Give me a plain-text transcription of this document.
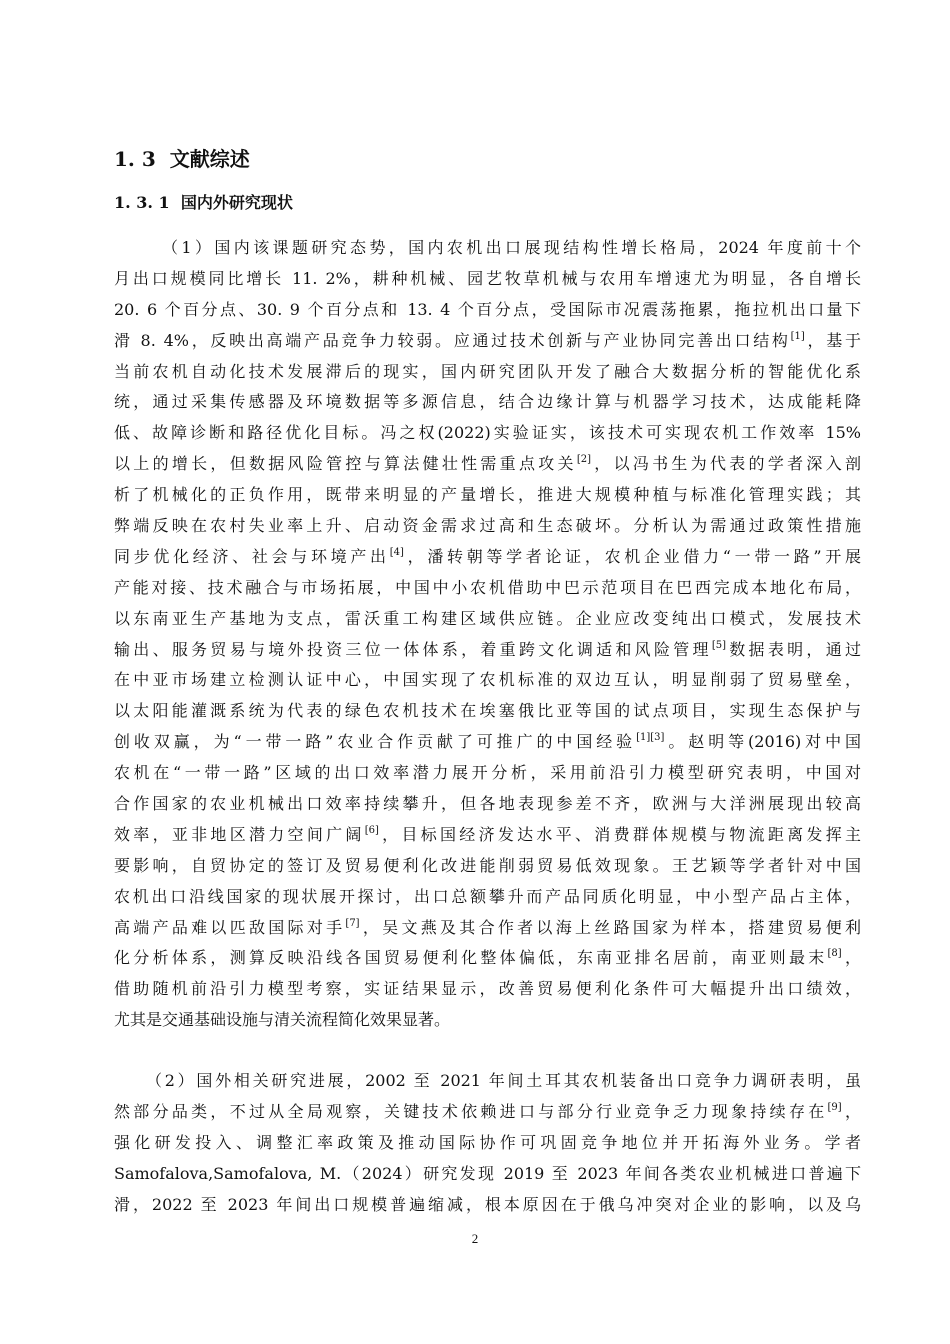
1. 3 文献综述
1. 3. 1 国内外研究现状
（1）国内该课题研究态势，国内农机出口展现结构性增长格局，2024 年度前十个
月出口规模同比增长 11. 2%，耕种机械、园艺牧草机械与农用车增速尤为明显，各自增长
20. 6 个百分点、30. 9 个百分点和 13. 4 个百分点，受国际市况震荡拖累，拖拉机出口量下
滑 8. 4%，反映出高端产品竞争力较弱。应通过技术创新与产业协同完善出口结构[1]，基于
当前农机自动化技术发展滞后的现实，国内研究团队开发了融合大数据分析的智能优化系
统，通过采集传感器及环境数据等多源信息，结合边缘计算与机器学习技术，达成能耗降
低、故障诊断和路径优化目标。冯之权(2022)实验证实，该技术可实现农机工作效率 15%
以上的增长，但数据风险管控与算法健壮性需重点攻关[2]，以冯书生为代表的学者深入剖
析了机械化的正负作用，既带来明显的产量增长，推进大规模种植与标准化管理实践；其
弊端反映在农村失业率上升、启动资金需求过高和生态破坏。分析认为需通过政策性措施
同步优化经济、社会与环境产出[4]，潘转朝等学者论证，农机企业借力“一带一路”开展
产能对接、技术融合与市场拓展，中国中小农机借助中巴示范项目在巴西完成本地化布局，
以东南亚生产基地为支点，雷沃重工构建区域供应链。企业应改变纯出口模式，发展技术
输出、服务贸易与境外投资三位一体体系，着重跨文化调适和风险管理[5]数据表明，通过
在中亚市场建立检测认证中心，中国实现了农机标准的双边互认，明显削弱了贸易壁垒，
以太阳能灌溉系统为代表的绿色农机技术在埃塞俄比亚等国的试点项目，实现生态保护与
创收双赢，为“一带一路”农业合作贡献了可推广的中国经验[1][3]。赵明等(2016)对中国
农机在“一带一路”区域的出口效率潜力展开分析，采用前沿引力模型研究表明，中国对
合作国家的农业机械出口效率持续攀升，但各地表现参差不齐，欧洲与大洋洲展现出较高
效率，亚非地区潜力空间广阔[6]，目标国经济发达水平、消费群体规模与物流距离发挥主
要影响，自贸协定的签订及贸易便利化改进能削弱贸易低效现象。王艺颖等学者针对中国
农机出口沿线国家的现状展开探讨，出口总额攀升而产品同质化明显，中小型产品占主体，
高端产品难以匹敌国际对手[7]，吴文燕及其合作者以海上丝路国家为样本，搭建贸易便利
化分析体系，测算反映沿线各国贸易便利化整体偏低，东南亚排名居前，南亚则最末[8]，
借助随机前沿引力模型考察，实证结果显示，改善贸易便利化条件可大幅提升出口绩效，
尤其是交通基础设施与清关流程简化效果显著。
（2）国外相关研究进展，2002 至 2021 年间土耳其农机装备出口竞争力调研表明，虽
然部分品类，不过从全局观察，关键技术依赖进口与部分行业竞争乏力现象持续存在[9]，
强化研发投入、调整汇率政策及推动国际协作可巩固竞争地位并开拓海外业务。学者
Samofalova,Samofalova, M.（2024）研究发现 2019 至 2023 年间各类农业机械进口普遍下
滑，2022 至 2023 年间出口规模普遍缩减，根本原因在于俄乌冲突对企业的影响，以及乌
2
